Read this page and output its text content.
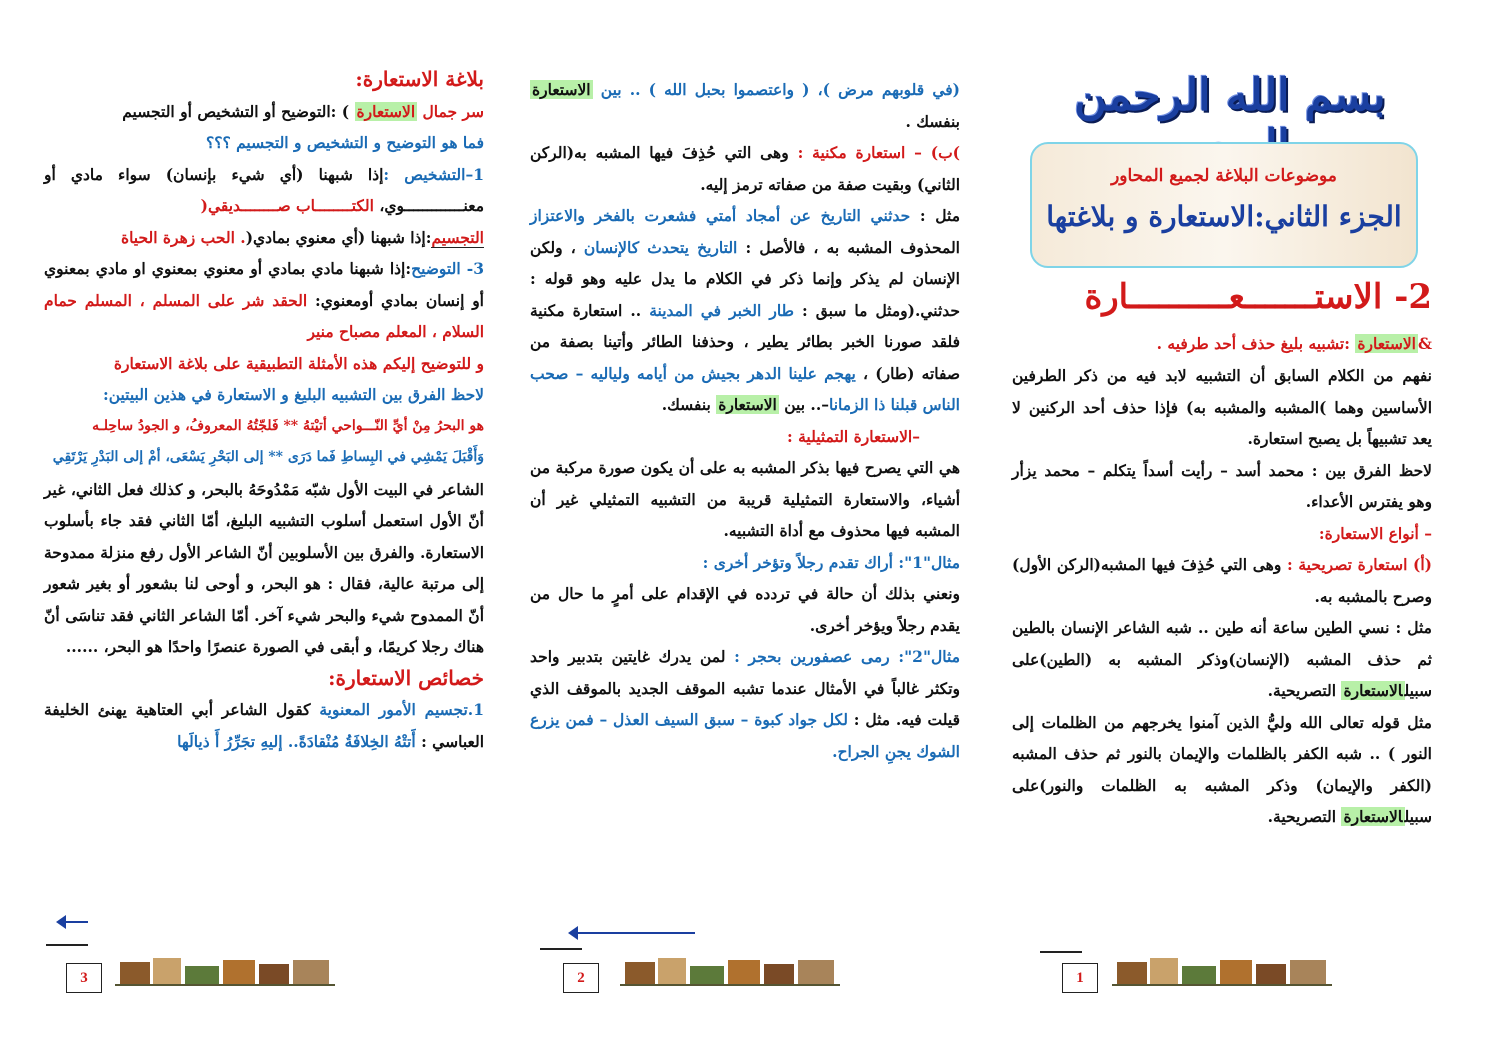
بسم الله الرحمن
موضوعات البلاغة لجميع المحاور
الجزء الثاني:الاستعارة و بلاغتها

2- الاستـــــــعــــــــــارة

&الاستعارة :تشبيه بليغ حذف أحد طرفيه .

نفهم من الكلام السابق أن التشبيه لابد فيه من ذكر الطرفين الأساسين وهما )المشبه والمشبه به) فإذا حذف أحد الركنين لا يعد تشبيهاً بل يصبح استعارة.

لاحظ الفرق بين : محمد أسد – رأيت أسداً يتكلم – محمد يزأر وهو يفترس الأعداء.

– أنواع الاستعارة:

(أ) استعارة تصريحية : وهى التي حُذِفَ فيها المشبه(الركن الأول) وصرح بالمشبه به.

مثل : نسي الطين ساعة أنه طين .. شبه الشاعر الإنسان بالطين ثم حذف المشبه (الإنسان)وذكر المشبه به (الطين)على سبيلالاستعارة التصريحية.

مثل قوله تعالى الله وليُّ الذين آمنوا يخرجهم من الظلمات إلى النور ) .. شبه الكفر بالظلمات والإيمان بالنور ثم حذف المشبه (الكفر والإيمان) وذكر المشبه به الظلمات والنور)على سبيلالاستعارة التصريحية.

(في قلوبهم مرض )، ( واعتصموا بحبل الله ) .. بين الاستعارة بنفسك .

)ب) – استعارة مكنية : وهى التي حُذِفَ فيها المشبه به(الركن الثاني) وبقيت صفة من صفاته ترمز إليه.

مثل : حدثني التاريخ عن أمجاد أمتي فشعرت بالفخر والاعتزاز المحذوف المشبه به ، فالأصل : التاريخ يتحدث كالإنسان ، ولكن الإنسان لم يذكر وإنما ذكر في الكلام ما يدل عليه وهو قوله : حدثني.(ومثل ما سبق : طار الخبر في المدينة .. استعارة مكنية فلقد صورنا الخبر بطائر يطير ، وحذفنا الطائر وأتينا بصفة من صفاته (طار) ، يهجم علينا الدهر بجيش من أيامه ولياليه – صحب الناس قبلنا ذا الزمانا–.. بين الاستعارة بنفسك.

–الاستعارة التمثيلية :

هي التي يصرح فيها بذكر المشبه به على أن يكون صورة مركبة من أشياء، والاستعارة التمثيلية قريبة من التشبيه التمثيلي غير أن المشبه فيها محذوف مع أداة التشبيه.

مثال"1": أراك تقدم رجلاً وتؤخر أخرى :

ونعني بذلك أن حالة في تردده في الإقدام على أمرٍ ما حال من يقدم رجلاً ويؤخر أخرى.

مثال"2": رمى عصفورين بحجر : لمن يدرك غايتين بتدبير واحد وتكثر غالباً في الأمثال عندما تشبه الموقف الجديد بالموقف الذي قيلت فيه. مثل : لكل جواد كبوة – سبق السيف العذل – فمن يزرع الشوك يجنِ الجراح.

بلاغة الاستعارة:

سر جمال الاستعارة ) :التوضيح أو التشخيص أو التجسيم

فما هو التوضيح و التشخيص و التجسيم ؟؟؟

1–التشخيص :إذا شبهنا (أي شيء بإنسان) سواء مادي أو معنـــــــــــــوي، الكتــــــــاب صــــــــديقي(

التجسيم:إذا شبهنا (أي معنوي بمادي(. الحب زهرة الحياة

3- التوضيح:إذا شبهنا مادي بمادي أو معنوي بمعنوي او مادي بمعنوي أو إنسان بمادي أومعنوي: الحقد شر على المسلم ، المسلم حمام السلام ، المعلم مصباح منير

و للتوضيح إليكم هذه الأمثلة التطبيقية على بلاغة الاستعارة

لاحظ الفرق بين التشبيه البليغ و الاستعارة في هذين البيتين:

هو البحرُ مِنْ أيِّ النّـــواحي أتيْتهُ ** فَلجّتُهُ المعروفُ، و الجودُ ساحِلـه

وَأَقْبَلَ يَمْشِي في البِساطِ فَما دَرَى ** إلى البَحْرِ يَسْعَى، أمْ إلى البَدْرِ يَرْتَقِي

الشاعر في البيت الأول شبّه مَمْدُوحَهُ بالبحر، و كذلك فعل الثاني، غير أنّ الأول استعمل أسلوب التشبيه البليغ، أمّا الثاني فقد جاء بأسلوب الاستعارة. والفرق بين الأسلوبين أنّ الشاعر الأول رفع منزلة ممدوحة إلى مرتبة عالية، فقال : هو البحر، و أوحى لنا بشعور أو بغير شعور أنّ الممدوح شيء والبحر شيء آخر. أمّا الشاعر الثاني فقد تناسَى أنّ هناك رجلا كريمًا، و أبقى في الصورة عنصرًا واحدًا هو البحر، ......

خصائص الاستعارة:

1.تجسيم الأمور المعنوية كقول الشاعر أبي العتاهية يهنئ الخليفة العباسي : أَتتْهُ الخِلافَةُ مُنْقادَةً.. إليهِ تجَرِّرُ أَ ذيالَها

3	2	1
